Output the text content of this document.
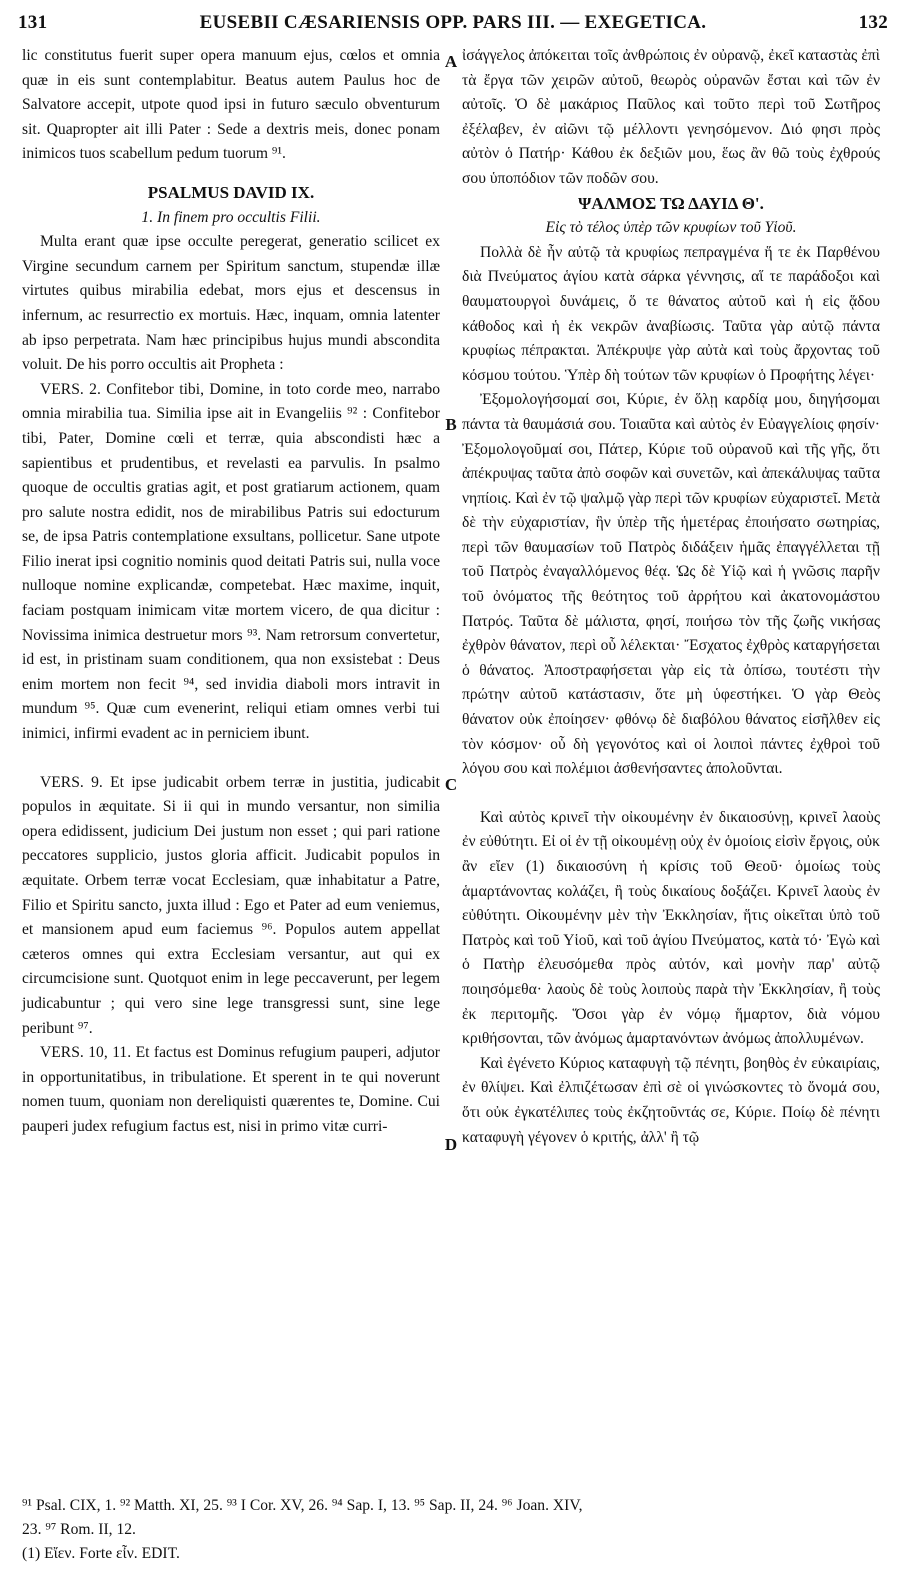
131	EUSEBII CÆSARIENSIS OPP. PARS III. — EXEGETICA.	132

lic constitutus fuerit super opera manuum ejus, cœlos et omnia quæ in eis sunt contemplabitur. Beatus autem Paulus hoc de Salvatore accepit, utpote quod ipsi in futuro sæculo obventurum sit. Quapropter ait illi Pater : Sede a dextris meis, donec ponam inimicos tuos scabellum pedum tuorum ⁹¹.

PSALMUS DAVID IX.
1. In finem pro occultis Filii.

Multa erant quæ ipse occulte peregerat, generatio scilicet ex Virgine secundum carnem per Spiritum sanctum, stupendæ illæ virtutes quibus mirabilia edebat, mors ejus et descensus in infernum, ac resurrectio ex mortuis. Hæc, inquam, omnia latenter ab ipso perpetrata. Nam hæc principibus hujus mundi abscondita voluit. De his porro occultis ait Propheta :

VERS. 2. Confitebor tibi, Domine, in toto corde meo, narrabo omnia mirabilia tua. Similia ipse ait in Evangeliis ⁹² : Confitebor tibi, Pater, Domine cœli et terræ, quia abscondisti hæc a sapientibus et prudentibus, et revelasti ea parvulis. In psalmo quoque de occultis gratias agit, et post gratiarum actionem, quam pro salute nostra edidit, nos de mirabilibus Patris sui edocturum se, de ipsa Patris contemplatione exsultans, pollicetur. Sane utpote Filio inerat ipsi cognitio nominis quod deitati Patris sui, nulla voce nulloque nomine explicandæ, competebat. Hæc maxime, inquit, faciam postquam inimicam vitæ mortem vicero, de qua dicitur : Novissima inimica destruetur mors ⁹³. Nam retrorsum convertetur, id est, in pristinam suam conditionem, qua non exsistebat : Deus enim mortem non fecit ⁹⁴, sed invidia diaboli mors intravit in mundum ⁹⁵. Quæ cum evenerint, reliqui etiam omnes verbi tui inimici, infirmi evadent ac in perniciem ibunt.

VERS. 9. Et ipse judicabit orbem terræ in justitia, judicabit populos in æquitate. Si ii qui in mundo versantur, non similia opera edidissent, judicium Dei justum non esset ; qui pari ratione peccatores supplicio, justos gloria afficit. Judicabit populos in æquitate. Orbem terræ vocat Ecclesiam, quæ inhabitatur a Patre, Filio et Spiritu sancto, juxta illud : Ego et Pater ad eum veniemus, et mansionem apud eum faciemus ⁹⁶. Populos autem appellat cæteros omnes qui extra Ecclesiam versantur, aut qui ex circumcisione sunt. Quotquot enim in lege peccaverunt, per legem judicabuntur ; qui vero sine lege transgressi sunt, sine lege peribunt ⁹⁷.

VERS. 10, 11. Et factus est Dominus refugium pauperi, adjutor in opportunitatibus, in tribulatione. Et sperent in te qui noverunt nomen tuum, quoniam non dereliquisti quærentes te, Domine. Cui pauperi judex refugium factus est, nisi in primo vitæ curri-

A
B
C
D

ἰσάγγελος ἀπόκειται τοῖς ἀνθρώποις ἐν οὐρανῷ, ἐκεῖ καταστὰς ἐπὶ τὰ ἔργα τῶν χειρῶν αὐτοῦ, θεωρὸς οὐρανῶν ἔσται καὶ τῶν ἐν αὐτοῖς. Ὁ δὲ μακάριος Παῦλος καὶ τοῦτο περὶ τοῦ Σωτῆρος ἐξέλαβεν, ἐν αἰῶνι τῷ μέλλοντι γενησόμενον. Διό φησι πρὸς αὐτὸν ὁ Πατήρ· Κάθου ἐκ δεξιῶν μου, ἕως ἂν θῶ τοὺς ἐχθρούς σου ὑποπόδιον τῶν ποδῶν σου.

ΨΑΛΜΟΣ ΤΩ ΔΑΥΙΔ Θ'.
Εἰς τὸ τέλος ὑπὲρ τῶν κρυφίων τοῦ Υἱοῦ.

Πολλὰ δὲ ἦν αὐτῷ τὰ κρυφίως πεπραγμένα ἥ τε ἐκ Παρθένου διὰ Πνεύματος ἁγίου κατὰ σάρκα γέννησις, αἵ τε παράδοξοι καὶ θαυματουργοὶ δυνάμεις, ὅ τε θάνατος αὐτοῦ καὶ ἡ εἰς ᾅδου κάθοδος καὶ ἡ ἐκ νεκρῶν ἀναβίωσις. Ταῦτα γὰρ αὐτῷ πάντα κρυφίως πέπρακται. Ἀπέκρυψε γὰρ αὐτὰ καὶ τοὺς ἄρχοντας τοῦ κόσμου τούτου. Ὑπὲρ δὴ τούτων τῶν κρυφίων ὁ Προφήτης λέγει·

Ἐξομολογήσομαί σοι, Κύριε, ἐν ὅλῃ καρδίᾳ μου, διηγήσομαι πάντα τὰ θαυμάσιά σου. Τοιαῦτα καὶ αὐτὸς ἐν Εὐαγγελίοις φησίν· Ἐξομολογοῦμαί σοι, Πάτερ, Κύριε τοῦ οὐρανοῦ καὶ τῆς γῆς, ὅτι ἀπέκρυψας ταῦτα ἀπὸ σοφῶν καὶ συνετῶν, καὶ ἀπεκάλυψας ταῦτα νηπίοις. Καὶ ἐν τῷ ψαλμῷ γὰρ περὶ τῶν κρυφίων εὐχαριστεῖ. Μετὰ δὲ τὴν εὐχαριστίαν, ἣν ὑπὲρ τῆς ἡμετέρας ἐποιήσατο σωτηρίας, περὶ τῶν θαυμασίων τοῦ Πατρὸς διδάξειν ἡμᾶς ἐπαγγέλλεται τῇ τοῦ Πατρὸς ἐναγαλλόμενος θέᾳ. Ὡς δὲ Υἱῷ καὶ ἡ γνῶσις παρῆν τοῦ ὀνόματος τῆς θεότητος τοῦ ἀρρήτου καὶ ἀκατονομάστου Πατρός. Ταῦτα δὲ μάλιστα, φησί, ποιήσω τὸν τῆς ζωῆς νικήσας ἐχθρὸν θάνατον, περὶ οὗ λέλεκται· Ἔσχατος ἐχθρὸς καταργήσεται ὁ θάνατος. Ἀποστραφήσεται γὰρ εἰς τὰ ὀπίσω, τουτέστι τὴν πρώτην αὐτοῦ κατάστασιν, ὅτε μὴ ὑφεστήκει. Ὁ γὰρ Θεὸς θάνατον οὐκ ἐποίησεν· φθόνῳ δὲ διαβόλου θάνατος εἰσῆλθεν εἰς τὸν κόσμον· οὗ δὴ γεγονότος καὶ οἱ λοιποὶ πάντες ἐχθροὶ τοῦ λόγου σου καὶ πολέμιοι ἀσθενήσαντες ἀπολοῦνται.

Καὶ αὐτὸς κρινεῖ τὴν οἰκουμένην ἐν δικαιοσύνῃ, κρινεῖ λαοὺς ἐν εὐθύτητι. Εἰ οἱ ἐν τῇ οἰκουμένῃ οὐχ ἐν ὁμοίοις εἰσὶν ἔργοις, οὐκ ἂν εἴεν (1) δικαιοσύνη ἡ κρίσις τοῦ Θεοῦ· ὁμοίως τοὺς ἁμαρτάνοντας κολάζει, ἢ τοὺς δικαίους δοξάζει. Κρινεῖ λαοὺς ἐν εὐθύτητι. Οἰκουμένην μὲν τὴν Ἐκκλησίαν, ἥτις οἰκεῖται ὑπὸ τοῦ Πατρὸς καὶ τοῦ Υἱοῦ, καὶ τοῦ ἁγίου Πνεύματος, κατὰ τό· Ἐγὼ καὶ ὁ Πατὴρ ἐλευσόμεθα πρὸς αὐτόν, καὶ μονὴν παρ' αὐτῷ ποιησόμεθα· λαοὺς δὲ τοὺς λοιποὺς παρὰ τὴν Ἐκκλησίαν, ἢ τοὺς ἐκ περιτομῆς. Ὅσοι γὰρ ἐν νόμῳ ἥμαρτον, διὰ νόμου κριθήσονται, τῶν ἀνόμως ἁμαρτανόντων ἀνόμως ἀπολλυμένων.

Καὶ ἐγένετο Κύριος καταφυγὴ τῷ πένητι, βοηθὸς ἐν εὐκαιρίαις, ἐν θλίψει. Καὶ ἐλπιζέτωσαν ἐπὶ σὲ οἱ γινώσκοντες τὸ ὄνομά σου, ὅτι οὐκ ἐγκατέλιπες τοὺς ἐκζητοῦντάς σε, Κύριε. Ποίῳ δὲ πένητι καταφυγὴ γέγονεν ὁ κριτής, ἀλλ' ἢ τῷ

⁹¹ Psal. CIX, 1. ⁹² Matth. XI, 25. ⁹³ I Cor. XV, 26. ⁹⁴ Sap. I, 13. ⁹⁵ Sap. II, 24. ⁹⁶ Joan. XIV,
23. ⁹⁷ Rom. II, 12.
(1) Εἴεν. Forte εἶν. EDIT.
